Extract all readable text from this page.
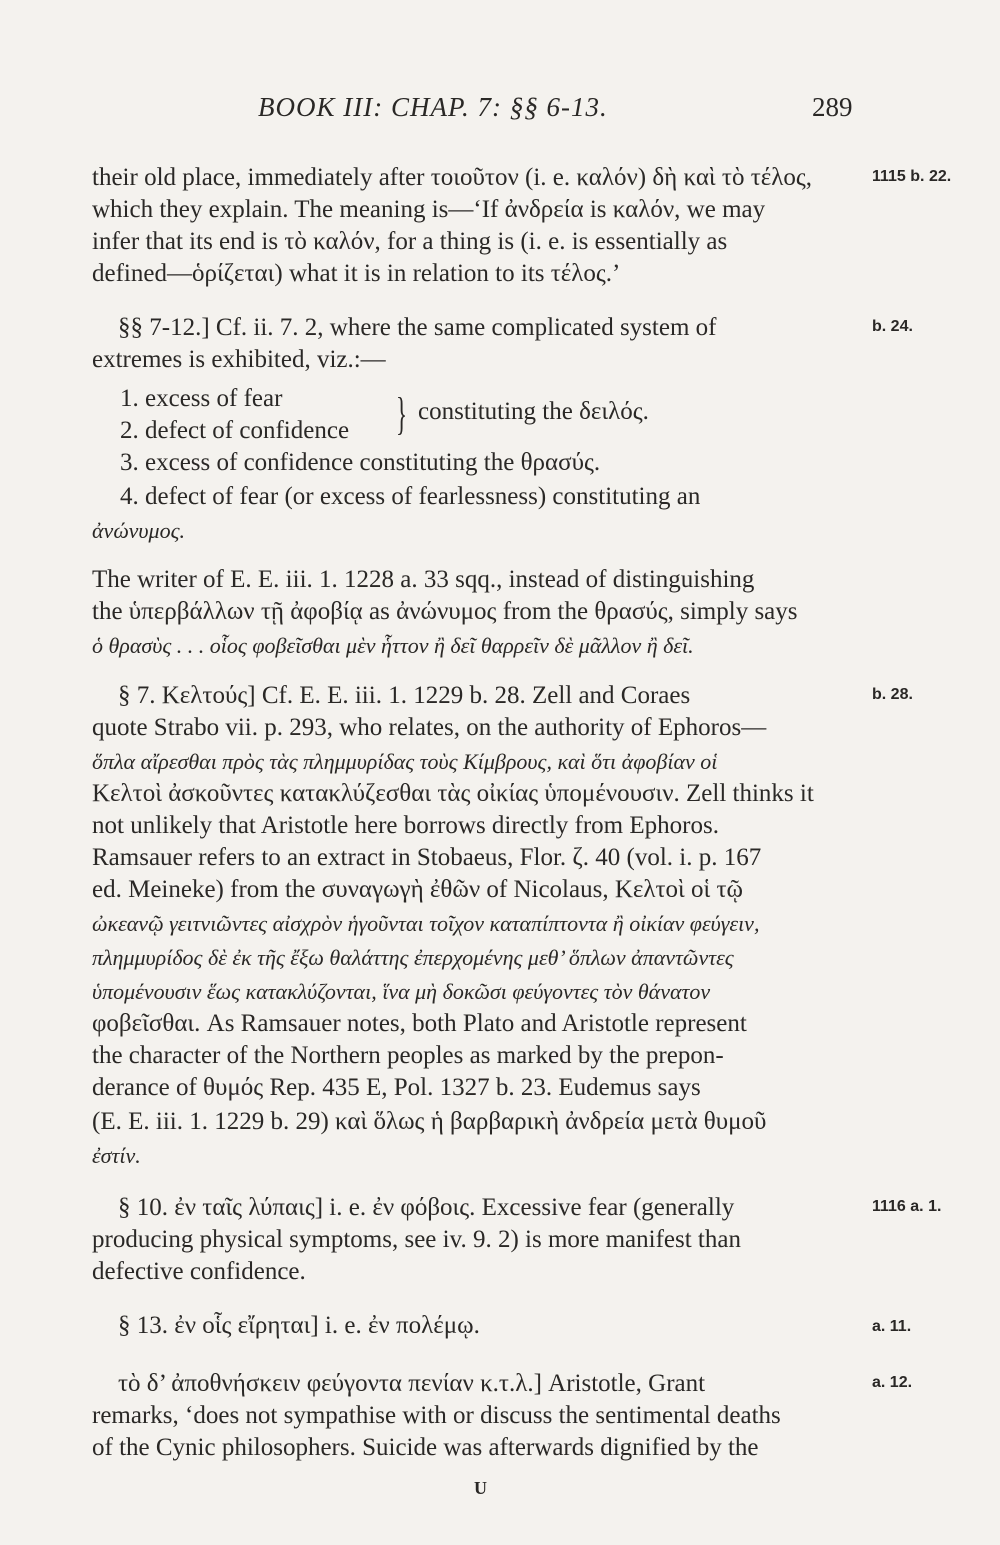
BOOK III: CHAP. 7: §§ 6-13.	289
their old place, immediately after τοιοῦτον (i. e. καλόν) δὴ καὶ τὸ τέλος,
which they explain. The meaning is—‘If ἀνδρεία is καλόν, we may
infer that its end is τὸ καλόν, for a thing is (i. e. is essentially as
defined—ὁρίζεται) what it is in relation to its τέλος.’
§§ 7-12.] Cf. ii. 7. 2, where the same complicated system of
extremes is exhibited, viz.:—
1. excess of fear
2. defect of confidence	} constituting the δειλός.
3. excess of confidence constituting the θρασύς.
4. defect of fear (or excess of fearlessness) constituting an
ἀνώνυμος.
The writer of E. E. iii. 1. 1228 a. 33 sqq., instead of distinguishing
the ὑπερβάλλων τῇ ἀφοβίᾳ as ἀνώνυμος from the θρασύς, simply says
ὁ θρασὺς . . . οἷος φοβεῖσθαι μὲν ἧττον ἢ δεῖ θαρρεῖν δὲ μᾶλλον ἢ δεῖ.
§ 7. Κελτούς] Cf. E. E. iii. 1. 1229 b. 28. Zell and Coraes
quote Strabo vii. p. 293, who relates, on the authority of Ephoros—
ὅπλα αἴρεσθαι πρὸς τὰς πλημμυρίδας τοὺς Κίμβρους, καὶ ὅτι ἀφοβίαν οἱ
Κελτοὶ ἀσκοῦντες κατακλύζεσθαι τὰς οἰκίας ὑπομένουσιν. Zell thinks it
not unlikely that Aristotle here borrows directly from Ephoros.
Ramsauer refers to an extract in Stobaeus, Flor. ζ. 40 (vol. i. p. 167
ed. Meineke) from the συναγωγὴ ἐθῶν of Nicolaus, Κελτοὶ οἱ τῷ
ὠκεανῷ γειτνιῶντες αἰσχρὸν ἡγοῦνται τοῖχον καταπίπτοντα ἢ οἰκίαν φεύγειν,
πλημμυρίδος δὲ ἐκ τῆς ἔξω θαλάττης ἐπερχομένης μεθ’ ὅπλων ἀπαντῶντες
ὑπομένουσιν ἕως κατακλύζονται, ἵνα μὴ δοκῶσι φεύγοντες τὸν θάνατον
φοβεῖσθαι. As Ramsauer notes, both Plato and Aristotle represent
the character of the Northern peoples as marked by the prepon-
derance of θυμός Rep. 435 E, Pol. 1327 b. 23. Eudemus says
(E. E. iii. 1. 1229 b. 29) καὶ ὅλως ἡ βαρβαρικὴ ἀνδρεία μετὰ θυμοῦ
ἐστίν.
§ 10. ἐν ταῖς λύπαις] i. e. ἐν φόβοις. Excessive fear (generally
producing physical symptoms, see iv. 9. 2) is more manifest than
defective confidence.
§ 13. ἐν οἷς εἴρηται] i. e. ἐν πολέμῳ.
τὸ δ’ ἀποθνήσκειν φεύγοντα πενίαν κ.τ.λ.] Aristotle, Grant
remarks, ‘does not sympathise with or discuss the sentimental deaths
of the Cynic philosophers. Suicide was afterwards dignified by the
1115 b. 22.
b. 24.
b. 28.
1116 a. 1.
a. 11.
a. 12.
U
